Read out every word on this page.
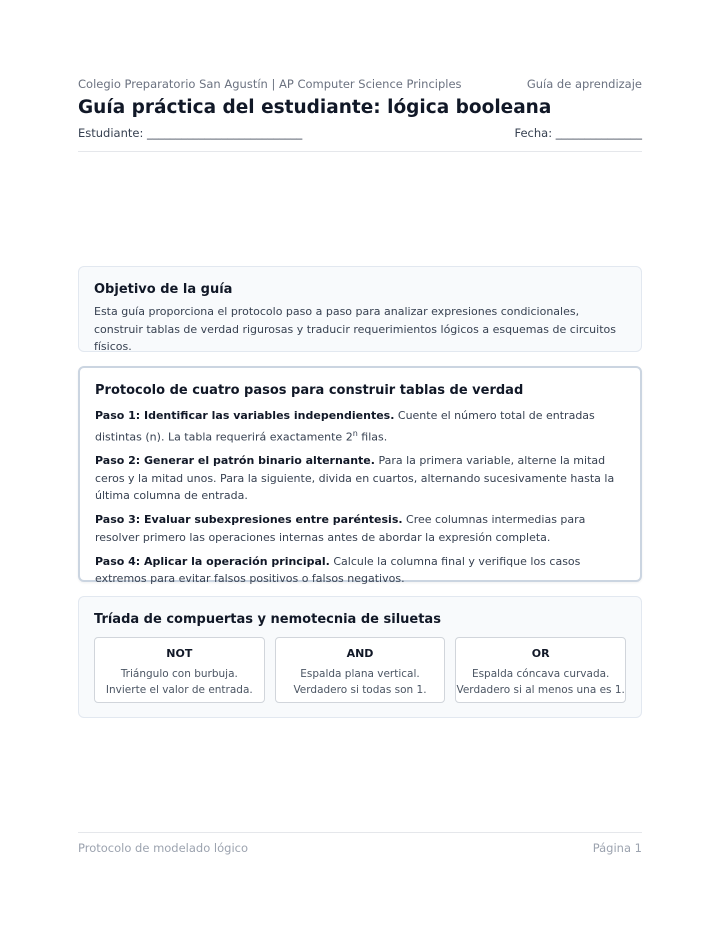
Colegio Preparatorio San Agustín | AP Computer Science Principles	Guía de aprendizaje
Guía práctica del estudiante: lógica booleana
Estudiante: ___________________________	Fecha: _______________
Objetivo de la guía

Esta guía proporciona el protocolo paso a paso para analizar expresiones condicionales, construir tablas de verdad rigurosas y traducir requerimientos lógicos a esquemas de circuitos físicos.

Protocolo de cuatro pasos para construir tablas de verdad

Paso 1: Identificar las variables independientes. Cuente el número total de entradas distintas (n). La tabla requerirá exactamente 2$^n$ filas.

Paso 2: Generar el patrón binario alternante. Para la primera variable, alterne la mitad ceros y la mitad unos. Para la siguiente, divida en cuartos, alternando sucesivamente hasta la última columna de entrada.

Paso 3: Evaluar subexpresiones entre paréntesis. Cree columnas intermedias para resolver primero las operaciones internas antes de abordar la expresión completa.

Paso 4: Aplicar la operación principal. Calcule la columna final y verifique los casos extremos para evitar falsos positivos o falsos negativos.

Tríada de compuertas y nemotecnia de siluetas
NOT
Triángulo con burbuja.
Invierte el valor de entrada.
AND
Espalda plana vertical.
Verdadero si todas son 1.
OR
Espalda cóncava curvada.
Verdadero si al menos una es 1.
Protocolo de modelado lógico	Página 1
